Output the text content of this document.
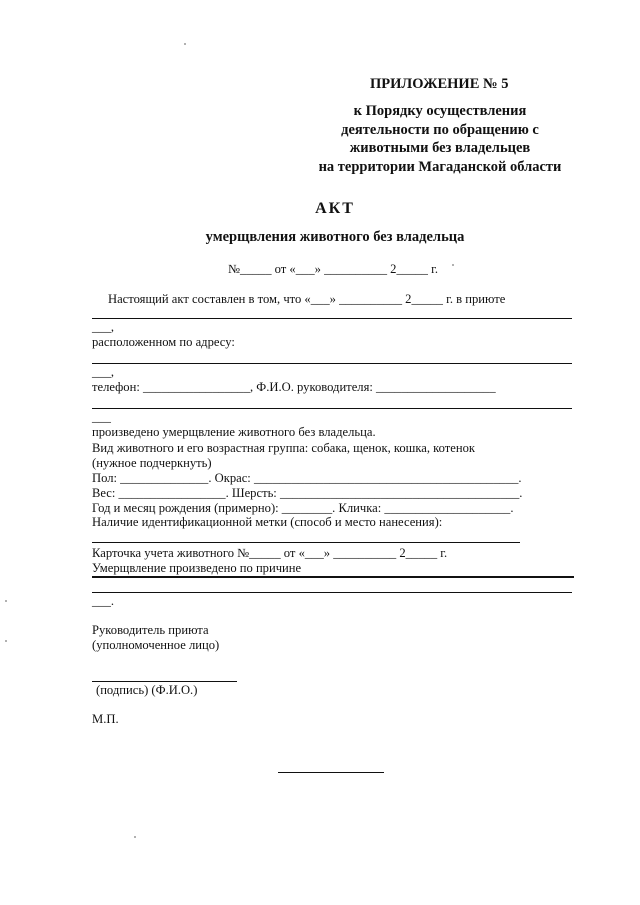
ПРИЛОЖЕНИЕ № 5
к Порядку осуществления
деятельности по обращению с
животными без владельцев
на территории Магаданской области
АКТ
умерщвления животного без владельца
№_____ от «___» __________ 2_____ г.
Настоящий акт составлен в том, что «___» __________ 2_____ г. в приюте
___,
расположенном по адресу:
___,
телефон: _________________, Ф.И.О. руководителя: ___________________
___
произведено умерщвление животного без владельца.
Вид животного и его возрастная группа: собака, щенок, кошка, котенок
(нужное подчеркнуть)
Пол: ______________. Окрас: __________________________________________.
Вес: _________________. Шерсть: ______________________________________.
Год и месяц рождения (примерно): ________. Кличка: ____________________.
Наличие идентификационной метки (способ и место нанесения):
Карточка учета животного №_____ от «___» __________ 2_____ г.
Умерщвление произведено по причине
___.
Руководитель приюта
(уполномоченное лицо)
(подпись) (Ф.И.О.)
М.П.
